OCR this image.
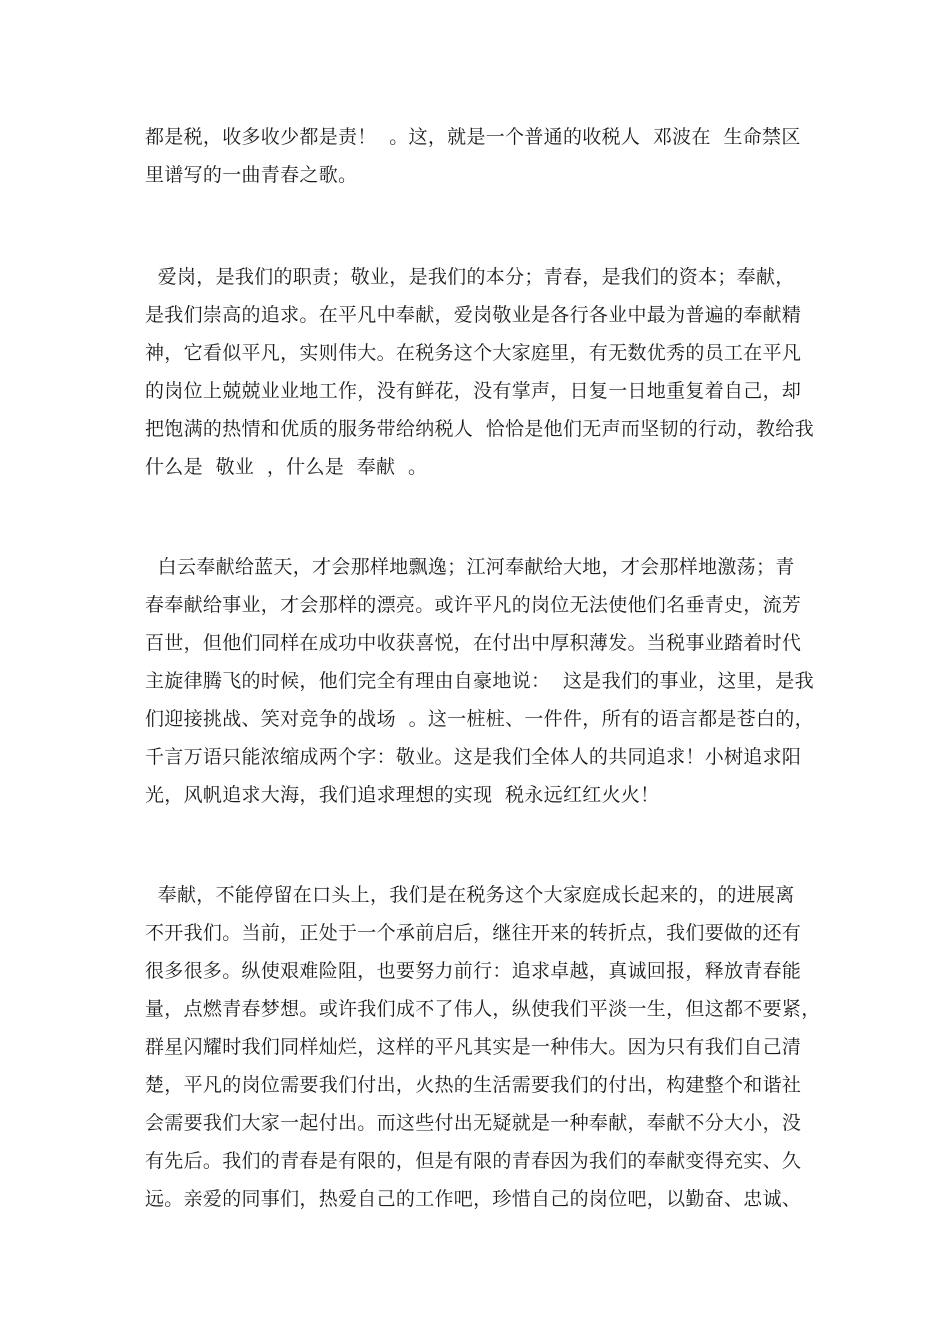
都是税，收多收少都是责！  。这，就是一个普通的收税人  邓波在  生命禁区
里谱写的一曲青春之歌。
爱岗，是我们的职责；敬业，是我们的本分；青春，是我们的资本；奉献，
是我们崇高的追求。在平凡中奉献，爱岗敬业是各行各业中最为普遍的奉献精
神，它看似平凡，实则伟大。在税务这个大家庭里，有无数优秀的员工在平凡
的岗位上兢兢业业地工作，没有鲜花，没有掌声，日复一日地重复着自己，却
把饱满的热情和优质的服务带给纳税人  恰恰是他们无声而坚韧的行动，教给我
什么是  敬业  ，什么是  奉献  。
白云奉献给蓝天，才会那样地飘逸；江河奉献给大地，才会那样地激荡；青
春奉献给事业，才会那样的漂亮。或许平凡的岗位无法使他们名垂青史，流芳
百世，但他们同样在成功中收获喜悦，在付出中厚积薄发。当税事业踏着时代
主旋律腾飞的时候，他们完全有理由自豪地说：  这是我们的事业，这里，是我
们迎接挑战、笑对竞争的战场  。这一桩桩、一件件，所有的语言都是苍白的，
千言万语只能浓缩成两个字：敬业。这是我们全体人的共同追求！小树追求阳
光，风帆追求大海，我们追求理想的实现  税永远红红火火！
奉献，不能停留在口头上，我们是在税务这个大家庭成长起来的，的进展离
不开我们。当前，正处于一个承前启后，继往开来的转折点，我们要做的还有
很多很多。纵使艰难险阻，也要努力前行：追求卓越，真诚回报，释放青春能
量，点燃青春梦想。或许我们成不了伟人，纵使我们平淡一生，但这都不要紧，
群星闪耀时我们同样灿烂，这样的平凡其实是一种伟大。因为只有我们自己清
楚，平凡的岗位需要我们付出，火热的生活需要我们的付出，构建整个和谐社
会需要我们大家一起付出。而这些付出无疑就是一种奉献，奉献不分大小，没
有先后。我们的青春是有限的，但是有限的青春因为我们的奉献变得充实、久
远。亲爱的同事们，热爱自己的工作吧，珍惜自己的岗位吧，以勤奋、忠诚、
